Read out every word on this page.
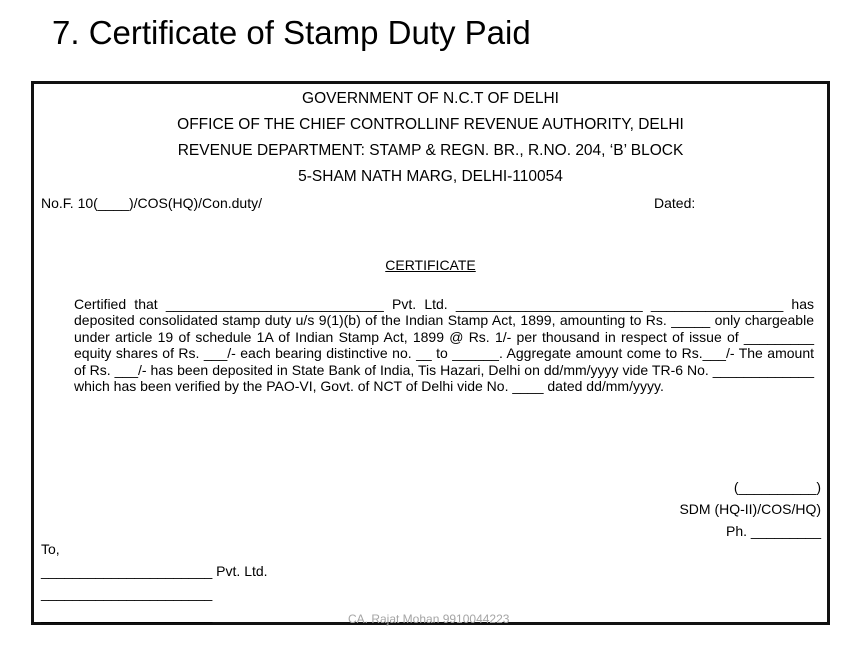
7. Certificate of Stamp Duty Paid
GOVERNMENT OF N.C.T OF DELHI
OFFICE OF THE CHIEF CONTROLLINF REVENUE AUTHORITY, DELHI
REVENUE DEPARTMENT: STAMP & REGN. BR., R.NO. 204, ‘B’ BLOCK
5-SHAM NATH MARG, DELHI-110054
No.F. 10(____)/COS(HQ)/Con.duty/	Dated:
CERTIFICATE
Certified that ____________________________ Pvt. Ltd. ________________________ _________________ has deposited consolidated stamp duty u/s 9(1)(b) of the Indian Stamp Act, 1899, amounting to Rs. _____ only chargeable under article 19 of schedule 1A of Indian Stamp Act, 1899 @ Rs. 1/- per thousand in respect of issue of _________ equity shares of Rs. ___/- each bearing distinctive no. __ to ______. Aggregate amount come to Rs.___/- The amount of Rs. ___/- has been deposited in State Bank of India, Tis Hazari, Delhi on dd/mm/yyyy vide TR-6 No. _____________ which has been verified by the PAO-VI, Govt. of NCT of Delhi vide No. ____ dated dd/mm/yyyy.
(__________)
SDM (HQ-II)/COS/HQ)
Ph. _________
To,
______________________ Pvt. Ltd.
______________________
______________________	CA. Rajat Mohan 9910044223
